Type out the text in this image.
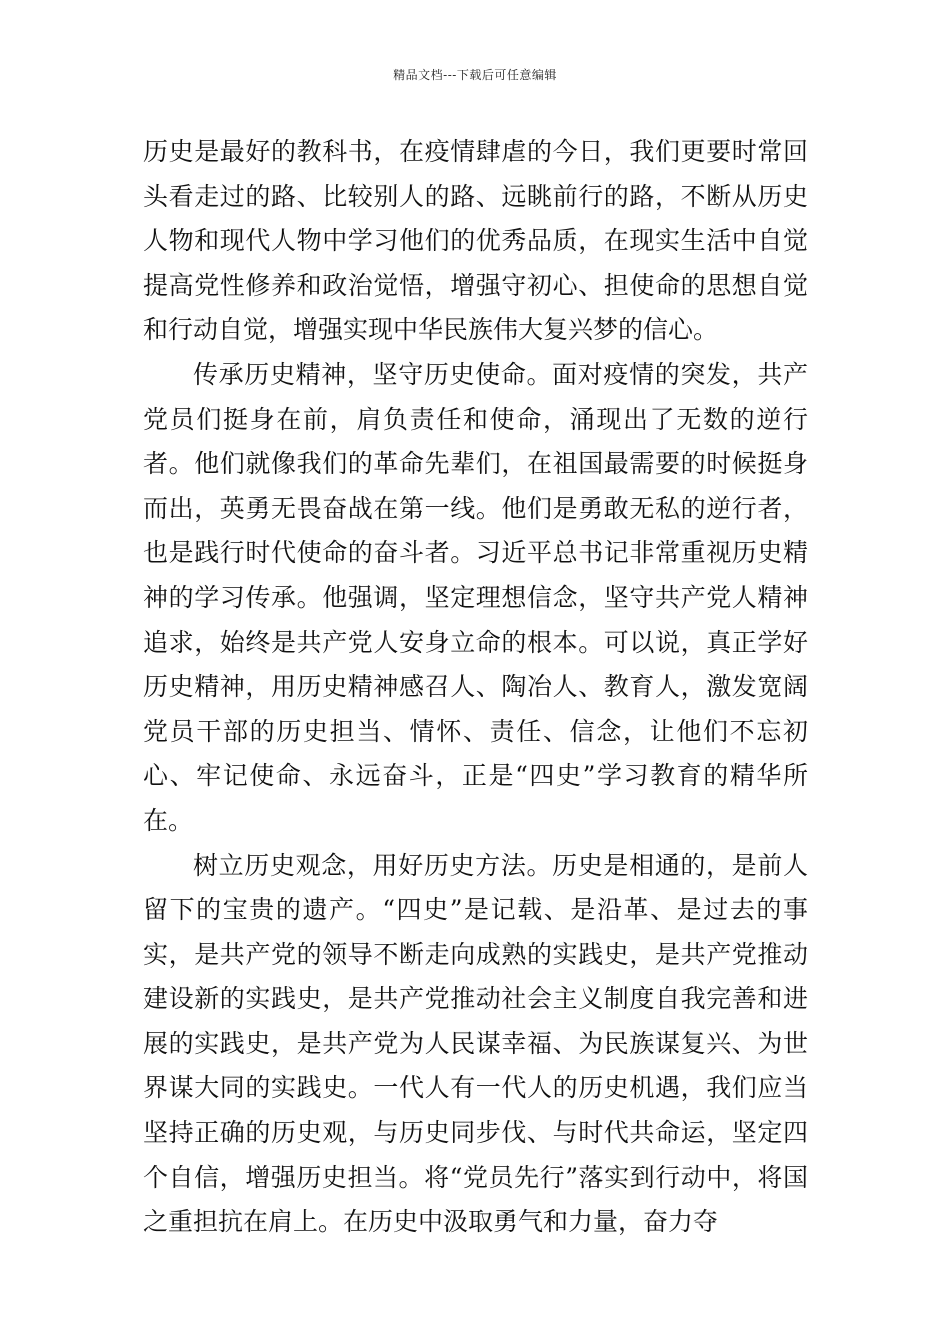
精品文档---下载后可任意编辑

历史是最好的教科书，在疫情肆虐的今日，我们更要时常回头看走过的路、比较别人的路、远眺前行的路，不断从历史人物和现代人物中学习他们的优秀品质，在现实生活中自觉提高党性修养和政治觉悟，增强守初心、担使命的思想自觉和行动自觉，增强实现中华民族伟大复兴梦的信心。

传承历史精神，坚守历史使命。面对疫情的突发，共产党员们挺身在前，肩负责任和使命，涌现出了无数的逆行者。他们就像我们的革命先辈们，在祖国最需要的时候挺身而出，英勇无畏奋战在第一线。他们是勇敢无私的逆行者，也是践行时代使命的奋斗者。习近平总书记非常重视历史精神的学习传承。他强调，坚定理想信念，坚守共产党人精神追求，始终是共产党人安身立命的根本。可以说，真正学好历史精神，用历史精神感召人、陶冶人、教育人，激发宽阔党员干部的历史担当、情怀、责任、信念，让他们不忘初心、牢记使命、永远奋斗，正是“四史”学习教育的精华所在。

树立历史观念，用好历史方法。历史是相通的，是前人留下的宝贵的遗产。“四史”是记载、是沿革、是过去的事实，是共产党的领导不断走向成熟的实践史，是共产党推动建设新的实践史，是共产党推动社会主义制度自我完善和进展的实践史，是共产党为人民谋幸福、为民族谋复兴、为世界谋大同的实践史。一代人有一代人的历史机遇，我们应当坚持正确的历史观，与历史同步伐、与时代共命运，坚定四个自信，增强历史担当。将“党员先行”落实到行动中，将国之重担抗在肩上。在历史中汲取勇气和力量，奋力夺
